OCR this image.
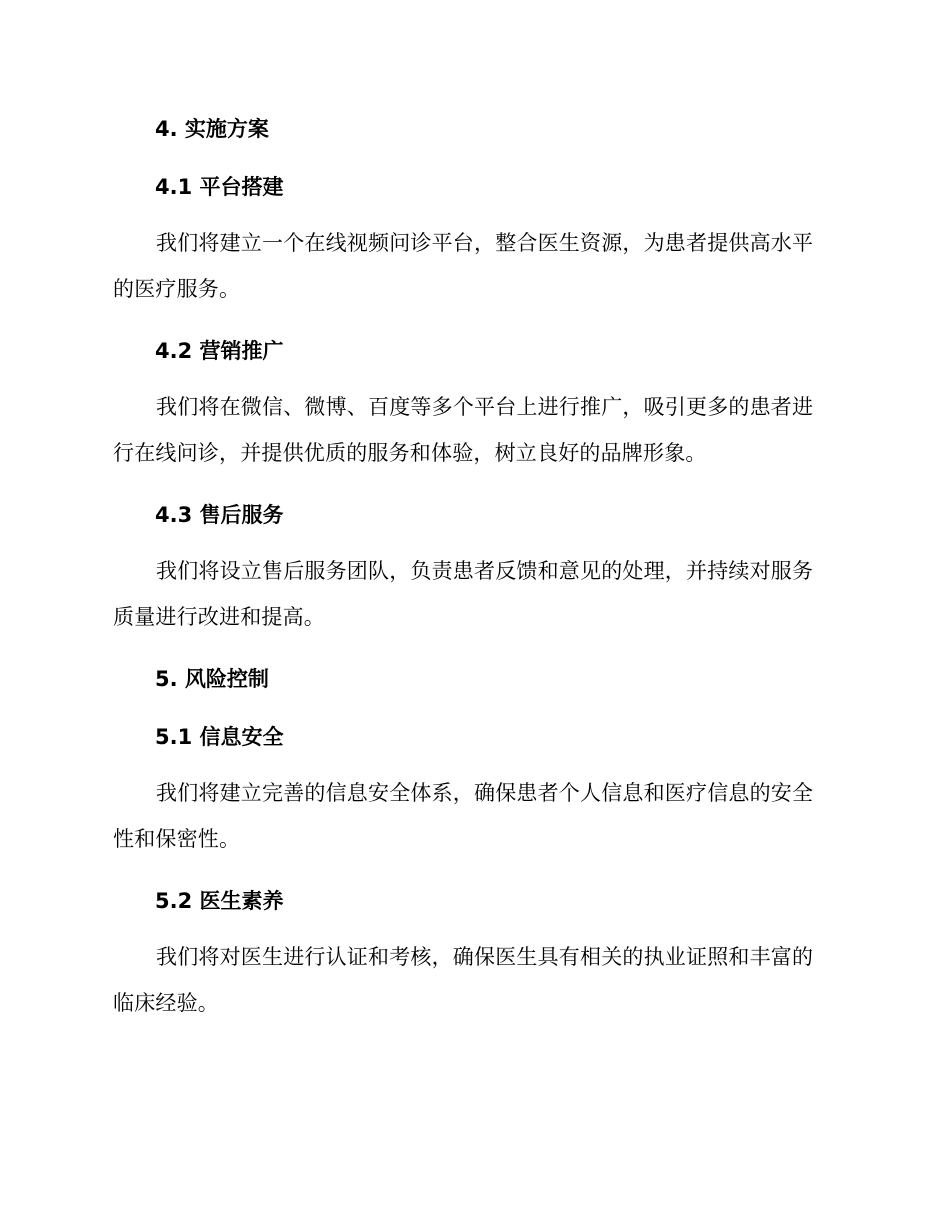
4. 实施方案
4.1 平台搭建

我们将建立一个在线视频问诊平台，整合医生资源，为患者提供高水平的医疗服务。

4.2 营销推广

我们将在微信、微博、百度等多个平台上进行推广，吸引更多的患者进行在线问诊，并提供优质的服务和体验，树立良好的品牌形象。

4.3 售后服务

我们将设立售后服务团队，负责患者反馈和意见的处理，并持续对服务质量进行改进和提高。

5. 风险控制
5.1 信息安全

我们将建立完善的信息安全体系，确保患者个人信息和医疗信息的安全性和保密性。

5.2 医生素养

我们将对医生进行认证和考核，确保医生具有相关的执业证照和丰富的临床经验。
